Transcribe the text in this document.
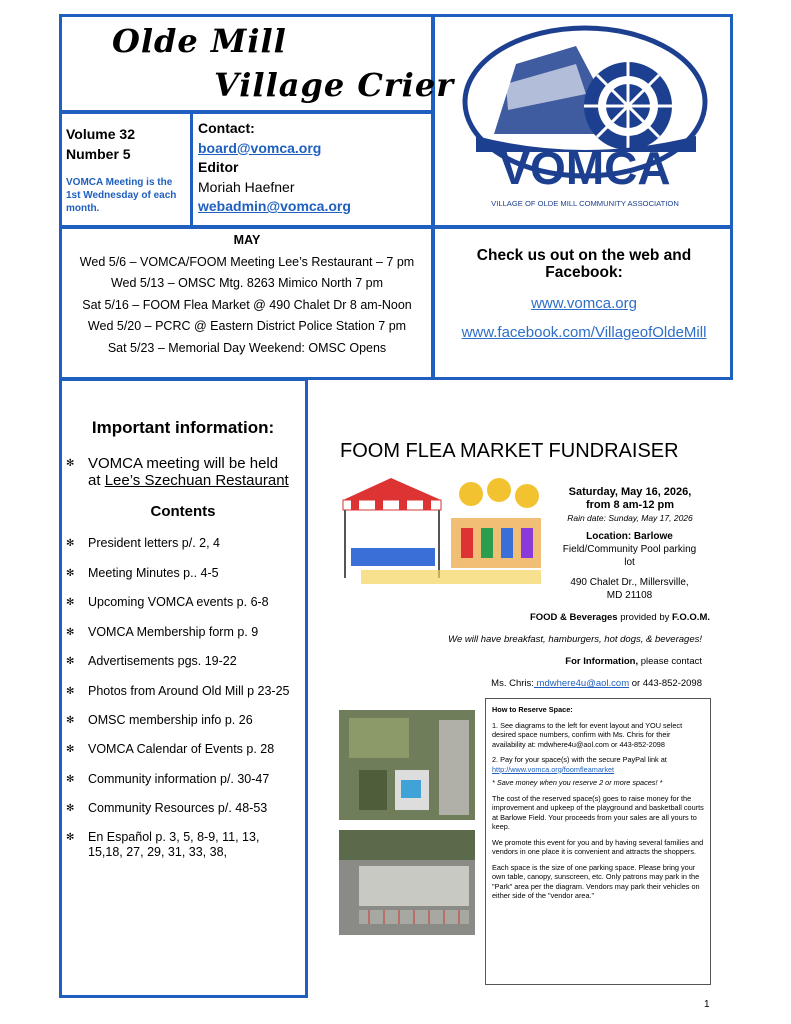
Olde Mill
Village Crier
Volume 32
Number 5
VOMCA Meeting is the 1st Wednesday of each month.
Contact:
board@vomca.org
Editor
Moriah Haefner
webadmin@vomca.org
VOMCA
VILLAGE OF OLDE MILL COMMUNITY ASSOCIATION
MAY
Wed 5/6 – VOMCA/FOOM Meeting Lee’s Restaurant – 7 pm
Wed 5/13 – OMSC Mtg. 8263 Mimico North 7 pm
Sat 5/16 – FOOM Flea Market @ 490 Chalet Dr 8 am-Noon
Wed 5/20 – PCRC @ Eastern District Police Station 7 pm
Sat 5/23 – Memorial Day Weekend: OMSC Opens
Check us out on the web and Facebook:
www.vomca.org
www.facebook.com/VillageofOldeMill
Important information:
✻ VOMCA meeting will be held
at Lee’s Szechuan Restaurant
Contents
✻ President letters p/. 2, 4
✻ Meeting Minutes p.. 4-5
✻ Upcoming VOMCA events p. 6-8
✻ VOMCA Membership form p. 9
✻ Advertisements pgs. 19-22
✻ Photos from Around Old Mill p 23-25
✻ OMSC membership info p. 26
✻ VOMCA Calendar of Events p. 28
✻ Community information p/. 30-47
✻ Community Resources p/. 48-53
✻ En Español p. 3, 5, 8-9, 11, 13,
15,18, 27, 29, 31, 33, 38,
FOOM FLEA MARKET FUNDRAISER
Saturday, May 16, 2026,
from 8 am-12 pm
Rain date: Sunday, May 17, 2026
Location: Barlowe
Field/Community Pool parking
lot
490 Chalet Dr., Millersville,
MD 21108
FOOD & Beverages provided by F.O.O.M.
We will have breakfast, hamburgers, hot dogs, & beverages!
For Information, please contact
Ms. Chris: mdwhere4u@aol.com or 443-852-2098

How to Reserve Space:

1. See diagrams to the left for event layout and YOU select desired space numbers, confirm with Ms. Chris for their availability at: mdwhere4u@aol.com or 443-852-2098

2. Pay for your space(s) with the secure PayPal link at
http://www.vomca.org/foomfleamarket

* Save money when you reserve 2 or more spaces! *

The cost of the reserved space(s) goes to raise money for the improvement and upkeep of the playground and basketball courts at Barlowe Field. Your proceeds from your sales are all yours to keep.

We promote this event for you and by having several families and vendors in one place it is convenient and attracts the shoppers.

Each space is the size of one parking space. Please bring your own table, canopy, sunscreen, etc. Only patrons may park in the "Park" area per the diagram. Vendors may park their vehicles on either side of the "vendor area."

1
